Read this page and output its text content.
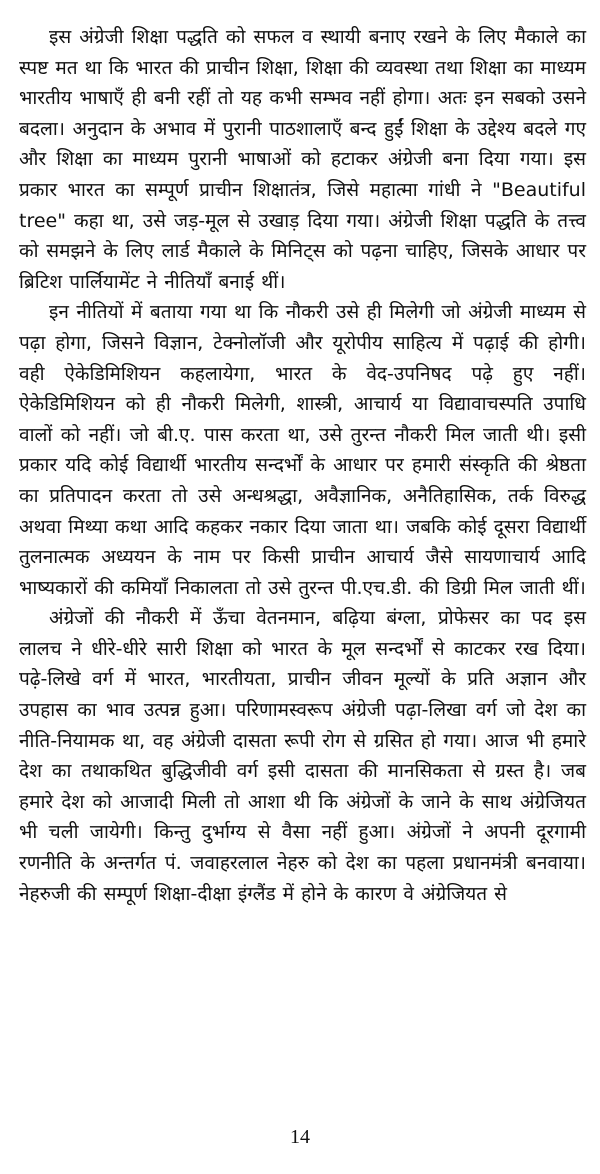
इस अंग्रेजी शिक्षा पद्धति को सफल व स्थायी बनाए रखने के लिए मैकाले का स्पष्ट मत था कि भारत की प्राचीन शिक्षा, शिक्षा की व्यवस्था तथा शिक्षा का माध्यम भारतीय भाषाएँ ही बनी रहीं तो यह कभी सम्भव नहीं होगा। अतः इन सबको उसने बदला। अनुदान के अभाव में पुरानी पाठशालाएँ बन्द हुईं शिक्षा के उद्देश्य बदले गए और शिक्षा का माध्यम पुरानी भाषाओं को हटाकर अंग्रेजी बना दिया गया। इस प्रकार भारत का सम्पूर्ण प्राचीन शिक्षातंत्र, जिसे महात्मा गांधी ने "Beautiful tree" कहा था, उसे जड़-मूल से उखाड़ दिया गया। अंग्रेजी शिक्षा पद्धति के तत्त्व को समझने के लिए लार्ड मैकाले के मिनिट्स को पढ़ना चाहिए, जिसके आधार पर ब्रिटिश पार्लियामेंट ने नीतियाँ बनाई थीं।

इन नीतियों में बताया गया था कि नौकरी उसे ही मिलेगी जो अंग्रेजी माध्यम से पढ़ा होगा, जिसने विज्ञान, टेक्नोलॉजी और यूरोपीय साहित्य में पढ़ाई की होगी। वही ऐकेडिमिशियन कहलायेगा, भारत के वेद-उपनिषद पढ़े हुए नहीं। ऐकेडिमिशियन को ही नौकरी मिलेगी, शास्त्री, आचार्य या विद्यावाचस्पति उपाधि वालों को नहीं। जो बी.ए. पास करता था, उसे तुरन्त नौकरी मिल जाती थी। इसी प्रकार यदि कोई विद्यार्थी भारतीय सन्दर्भों के आधार पर हमारी संस्कृति की श्रेष्ठता का प्रतिपादन करता तो उसे अन्धश्रद्धा, अवैज्ञानिक, अनैतिहासिक, तर्क विरुद्ध अथवा मिथ्या कथा आदि कहकर नकार दिया जाता था। जबकि कोई दूसरा विद्यार्थी तुलनात्मक अध्ययन के नाम पर किसी प्राचीन आचार्य जैसे सायणाचार्य आदि भाष्यकारों की कमियाँ निकालता तो उसे तुरन्त पी.एच.डी. की डिग्री मिल जाती थीं।

अंग्रेजों की नौकरी में ऊँचा वेतनमान, बढ़िया बंग्ला, प्रोफेसर का पद इस लालच ने धीरे-धीरे सारी शिक्षा को भारत के मूल सन्दर्भों से काटकर रख दिया। पढ़े-लिखे वर्ग में भारत, भारतीयता, प्राचीन जीवन मूल्यों के प्रति अज्ञान और उपहास का भाव उत्पन्न हुआ। परिणामस्वरूप अंग्रेजी पढ़ा-लिखा वर्ग जो देश का नीति-नियामक था, वह अंग्रेजी दासता रूपी रोग से ग्रसित हो गया। आज भी हमारे देश का तथाकथित बुद्धिजीवी वर्ग इसी दासता की मानसिकता से ग्रस्त है। जब हमारे देश को आजादी मिली तो आशा थी कि अंग्रेजों के जाने के साथ अंग्रेजियत भी चली जायेगी। किन्तु दुर्भाग्य से वैसा नहीं हुआ। अंग्रेजों ने अपनी दूरगामी रणनीति के अन्तर्गत पं. जवाहरलाल नेहरु को देश का पहला प्रधानमंत्री बनवाया। नेहरुजी की सम्पूर्ण शिक्षा-दीक्षा इंग्लैंड में होने के कारण वे अंग्रेजियत से

14
